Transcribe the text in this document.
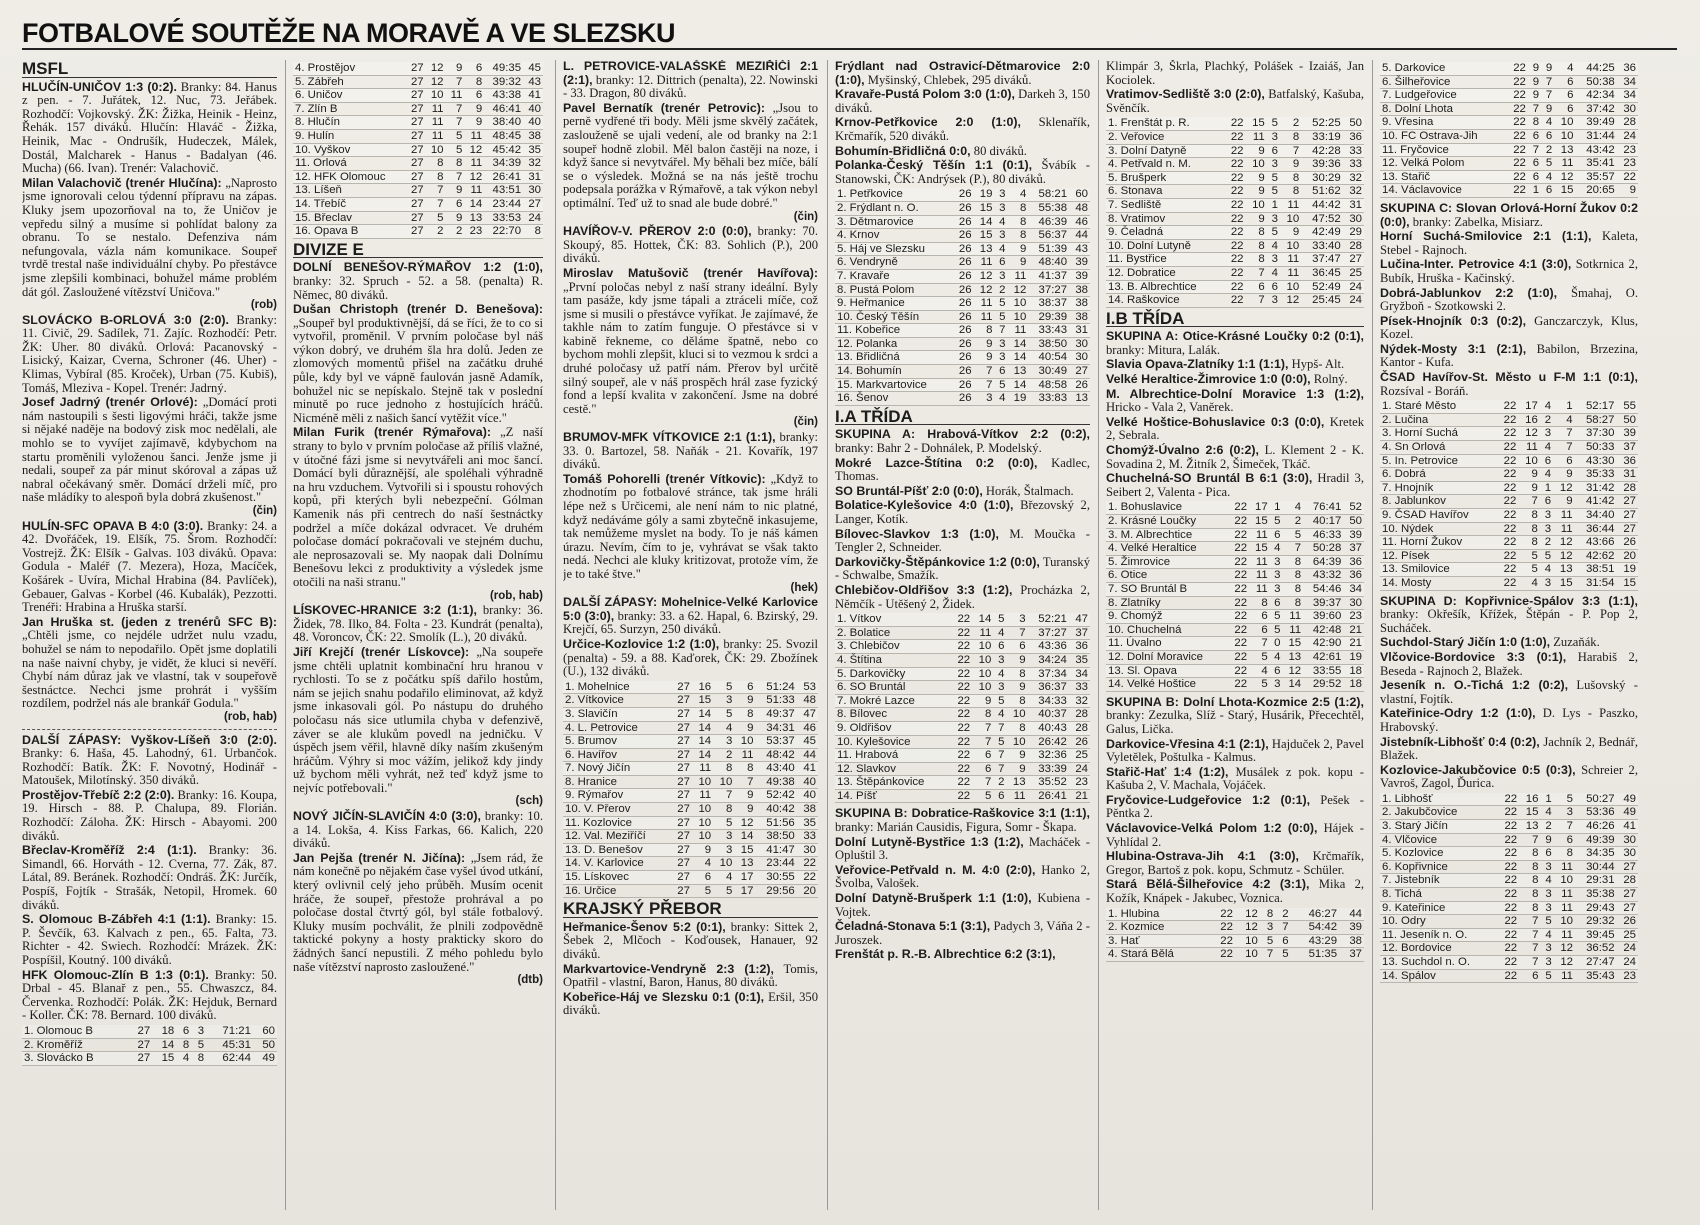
FOTBALOVÉ SOUTĚŽE NA MORAVĚ A VE SLEZSKU
MSFL

HLUČÍN-UNIČOV 1:3 (0:2). Branky: 84. Hanus z pen. - 7. Juřátek, 12. Nuc, 73. Jeřábek. Rozhodčí: Vojkovský. ŽK: Žižka, Heinik - Heinz, Řehák. 157 diváků. Hlučín: Hlaváč - Žižka, Heinik, Mac - Ondrušík, Hudeczek, Málek, Dostál, Malcharek - Hanus - Badalyan (46. Mucha) (66. Ivan). Trenér: Valachovič.

Milan Valachovič (trenér Hlučína): „Naprosto jsme ignorovali celou týdenní přípravu na zápas. Kluky jsem upozorňoval na to, že Uničov je vepředu silný a musíme si pohlídat balony za obranu. To se nestalo. Defenziva nám nefungovala, vázla nám komunikace. Soupeř tvrdě trestal naše individuální chyby. Po přestávce jsme zlepšili kombinaci, bohužel máme problém dát gól. Zasloužené vítězství Uničova."
(rob)

SLOVÁCKO B-ORLOVÁ 3:0 (2:0). Branky: 11. Civič, 29. Sadílek, 71. Zajíc. Rozhodčí: Petr. ŽK: Uher. 80 diváků. Orlová: Pacanovský - Lisický, Kaizar, Cverna, Schroner (46. Uher) - Klimas, Vybíral (85. Kroček), Urban (75. Kubiš), Tomáš, Mleziva - Kopel. Trenér: Jadrný.

Josef Jadrný (trenér Orlové): „Domácí proti nám nastoupili s šesti ligovými hráči, takže jsme si nějaké naděje na bodový zisk moc nedělali, ale mohlo se to vyvíjet zajímavě, kdybychom na startu proměnili vyloženou šanci. Jenže jsme ji nedali, soupeř za pár minut skóroval a zápas už nabral očekávaný směr. Domácí drželi míč, pro naše mládíky to alespoň byla dobrá zkušenost."
(čin)

HULÍN-SFC OPAVA B 4:0 (3:0). Branky: 24. a 42. Dvořáček, 19. Elšík, 75. Šrom. Rozhodčí: Vostrejž. ŽK: Elšík - Galvas. 103 diváků. Opava: Godula - Maléř (7. Mezera), Hoza, Macíček, Košárek - Uvíra, Michal Hrabina (84. Pavlíček), Gebauer, Galvas - Korbel (46. Kubalák), Pezzotti. Trenéři: Hrabina a Hruška starší.

Jan Hruška st. (jeden z trenérů SFC B): „Chtěli jsme, co nejdéle udržet nulu vzadu, bohužel se nám to nepodařilo. Opět jsme doplatili na naše naivní chyby, je vidět, že kluci si nevěří. Chybí nám důraz jak ve vlastní, tak v soupeřově šestnáctce. Nechci jsme prohrát i vyšším rozdílem, podržel nás ale brankář Godula."
(rob, hab)

DALŠÍ ZÁPASY: Vyškov-Líšeň 3:0 (2:0). Branky: 6. Haša, 45. Lahodný, 61. Urbančok. Rozhodčí: Batík. ŽK: F. Novotný, Hodinář - Matoušek, Milotínský. 350 diváků.

Prostějov-Třebíč 2:2 (2:0). Branky: 16. Koupa, 19. Hirsch - 88. P. Chalupa, 89. Florián. Rozhodčí: Záloha. ŽK: Hirsch - Abayomi. 200 diváků.

Břeclav-Kroměříž 2:4 (1:1). Branky: 36. Simandl, 66. Horváth - 12. Cverna, 77. Zák, 87. Látal, 89. Beránek. Rozhodčí: Ondráš. ŽK: Jurčík, Pospíš, Fojtík - Strašák, Netopil, Hromek. 60 diváků.

S. Olomouc B-Zábřeh 4:1 (1:1). Branky: 15. P. Ševčík, 63. Kalvach z pen., 65. Falta, 73. Richter - 42. Swiech. Rozhodčí: Mrázek. ŽK: Pospíšil, Koutný. 100 diváků.

HFK Olomouc-Zlín B 1:3 (0:1). Branky: 50. Drbal - 45. Blanař z pen., 55. Chwaszcz, 84. Červenka. Rozhodčí: Polák. ŽK: Hejduk, Bernard - Koller. ČK: 78. Bernard. 100 diváků.

1. Olomouc B	27	18	6	3	71:21	60
2. Kroměříž	27	14	8	5	45:31	50
3. Slovácko B	27	15	4	8	62:44	49
4. Prostějov	27	12	9	6	49:35	45
5. Zábřeh	27	12	7	8	39:32	43
6. Uničov	27	10	11	6	43:38	41
7. Zlín B	27	11	7	9	46:41	40
8. Hlučín	27	11	7	9	38:40	40
9. Hulín	27	11	5	11	48:45	38
10. Vyškov	27	10	5	12	45:42	35
11. Orlová	27	8	8	11	34:39	32
12. HFK Olomouc	27	8	7	12	26:41	31
13. Líšeň	27	7	9	11	43:51	30
14. Třebíč	27	7	6	14	23:44	27
15. Břeclav	27	5	9	13	33:53	24
16. Opava B	27	2	2	23	22:70	8
DIVIZE E

DOLNÍ BENEŠOV-RÝMAŘOV 1:2 (1:0), branky: 32. Spruch - 52. a 58. (penalta) R. Němec, 80 diváků.

Dušan Christoph (trenér D. Benešova): „Soupeř byl produktivnější, dá se říci, že to co si vytvořil, proměnil. V prvním poločase byl náš výkon dobrý, ve druhém šla hra dolů. Jeden ze zlomových momentů přišel na začátku druhé půle, kdy byl ve vápně faulován jasně Adamík, bohužel nic se nepískalo. Stejně tak v poslední minutě po ruce jednoho z hostujících hráčů. Nicméně měli z našich šancí vytěžit více."

Milan Furik (trenér Rýmařova): „Z naší strany to bylo v prvním poločase až příliš vlažné, v útočné fázi jsme si nevytvářeli ani moc šancí. Domácí byli důraznější, ale spoléhali výhradně na hru vzduchem. Vytvořili si i spoustu rohových kopů, při kterých byli nebezpeční. Gólman Kamenik nás při centrech do naší šestnáctky podržel a míče dokázal odvracet. Ve druhém poločase domácí pokračovali ve stejném duchu, ale neprosazovali se. My naopak dali Dolnímu Benešovu lekci z produktivity a výsledek jsme otočili na naši stranu."
(rob, hab)

LÍSKOVEC-HRANICE 3:2 (1:1), branky: 36. Židek, 78. Ilko, 84. Folta - 23. Kundrát (penalta), 48. Voroncov, ČK: 22. Smolík (L.), 20 diváků.

Jiří Krejčí (trenér Lískovce): „Na soupeře jsme chtěli uplatnit kombinační hru hranou v rychlosti. To se z počátku spíš dařilo hostům, nám se jejich snahu podařilo eliminovat, až když jsme inkasovali gól. Po nástupu do druhého poločasu nás sice utlumila chyba v defenzivě, záver se ale klukům povedl na jedničku. V úspěch jsem věřil, hlavně díky naším zkušeným hráčům. Výhry si moc vážím, jelikož kdy jindy už bychom měli vyhrát, než teď když jsme to nejvíc potřebovali."
(sch)

NOVÝ JIČÍN-SLAVIČÍN 4:0 (3:0), branky: 10. a 14. Lokša, 4. Kiss Farkas, 66. Kalich, 220 diváků.

Jan Pejša (trenér N. Jičína): „Jsem rád, že nám konečně po nějakém čase vyšel úvod utkání, který ovlivnil celý jeho průběh. Musím ocenit hráče, že soupeř, přestože prohrával a po poločase dostal čtvrtý gól, byl stále fotbalový. Kluky musím pochválit, že plnili zodpovědně taktické pokyny a hosty prakticky skoro do žádných šancí nepustili. Z mého pohledu bylo naše vítězství naprosto zasloužené."
(dtb)

L. PETROVICE-VALAŠSKÉ MEZIŘÍČÍ 2:1 (2:1), branky: 12. Dittrich (penalta), 22. Nowinski - 33. Dragon, 80 diváků.

Pavel Bernatík (trenér Petrovic): „Jsou to perně vydřené tři body. Měli jsme skvělý začátek, zaslouženě se ujali vedení, ale od branky na 2:1 soupeř hodně zlobil. Měl balon častěji na noze, i když šance si nevytvářel. My běhali bez míče, bálí se o výsledek. Možná se na nás ještě trochu podepsala porážka v Rýmařově, a tak výkon nebyl optimální. Teď už to snad ale bude dobré."
(čin)

HAVÍŘOV-V. PŘEROV 2:0 (0:0), branky: 70. Skoupý, 85. Hottek, ČK: 83. Sohlich (P.), 200 diváků.

Miroslav Matušovič (trenér Havířova): „První poločas nebyl z naší strany ideální. Byly tam pasáže, kdy jsme tápali a ztráceli míče, což jsme si musili o přestávce vyříkat. Je zajímavé, že takhle nám to zatím funguje. O přestávce si v kabině řekneme, co děláme špatně, nebo co bychom mohli zlepšit, kluci si to vezmou k srdci a druhé poločasy už patří nám. Přerov byl určitě silný soupeř, ale v náš prospěch hrál zase fyzický fond a lepší kvalita v zakončení. Jsme na dobré cestě."
(čin)

BRUMOV-MFK VÍTKOVICE 2:1 (1:1), branky: 33. 0. Bartozel, 58. Naňák - 21. Kovařík, 197 diváků.

Tomáš Pohorelli (trenér Vítkovic): „Když to zhodnotím po fotbalové stránce, tak jsme hráli lépe než s Určicemi, ale není nám to nic platné, když nedáváme góly a sami zbytečně inkasujeme, tak nemůžeme myslet na body. To je náš kámen úrazu. Nevím, čím to je, vyhrávat se však takto nedá. Nechci ale kluky kritizovat, protože vím, že je to také štve."
(hek)

DALŠÍ ZÁPASY: Mohelnice-Velké Karlovice 5:0 (3:0), branky: 33. a 62. Hapal, 6. Bzirský, 29. Krejčí, 65. Surzyn, 250 diváků.

Určice-Kozlovice 1:2 (1:0), branky: 25. Svozil (penalta) - 59. a 88. Kaďorek, ČK: 29. Zbožínek (U.), 132 diváků.

1. Mohelnice	27	16	5	6	51:24	53
2. Vítkovice	27	15	3	9	51:33	48
3. Slavičín	27	14	5	8	49:37	47
4. L. Petrovice	27	14	4	9	34:31	46
5. Brumov	27	14	3	10	53:37	45
6. Havířov	27	14	2	11	48:42	44
7. Nový Jičín	27	11	8	8	43:40	41
8. Hranice	27	10	10	7	49:38	40
9. Rýmařov	27	11	7	9	52:42	40
10. V. Přerov	27	10	8	9	40:42	38
11. Kozlovice	27	10	5	12	51:56	35
12. Val. Meziříčí	27	10	3	14	38:50	33
13. D. Benešov	27	9	3	15	41:47	30
14. V. Karlovice	27	4	10	13	23:44	22
15. Lískovec	27	6	4	17	30:55	22
16. Určice	27	5	5	17	29:56	20
KRAJSKÝ PŘEBOR

Heřmanice-Šenov 5:2 (0:1), branky: Sittek 2, Šebek 2, Mlčoch - Koďousek, Hanauer, 92 diváků.

Markvartovice-Vendryně 2:3 (1:2), Tomis, Opatřil - vlastní, Baron, Hanus, 80 diváků.

Kobeřice-Háj ve Slezsku 0:1 (0:1), Eršil, 350 diváků.

Frýdlant nad Ostravicí-Dětmarovice 2:0 (1:0), Myšinský, Chlebek, 295 diváků.

Kravaře-Pustá Polom 3:0 (1:0), Darkeh 3, 150 diváků.

Krnov-Petřkovice 2:0 (1:0), Sklenařík, Krčmařík, 520 diváků.

Bohumín-Břidličná 0:0, 80 diváků.

Polanka-Český Těšín 1:1 (0:1), Švábík - Stanowski, ČK: Andrýsek (P.), 80 diváků.

1. Petřkovice	26	19	3	4	58:21	60
2. Frýdlant n. O.	26	15	3	8	55:38	48
3. Dětmarovice	26	14	4	8	46:39	46
4. Krnov	26	15	3	8	56:37	44
5. Háj ve Slezsku	26	13	4	9	51:39	43
6. Vendryně	26	11	6	9	48:40	39
7. Kravaře	26	12	3	11	41:37	39
8. Pustá Polom	26	12	2	12	37:27	38
9. Heřmanice	26	11	5	10	38:37	38
10. Český Těšín	26	11	5	10	29:39	38
11. Kobeřice	26	8	7	11	33:43	31
12. Polanka	26	9	3	14	38:50	30
13. Břidličná	26	9	3	14	40:54	30
14. Bohumín	26	7	6	13	30:49	27
15. Markvartovice	26	7	5	14	48:58	26
16. Šenov	26	3	4	19	33:83	13
I.A TŘÍDA

SKUPINA A: Hrabová-Vítkov 2:2 (0:2), branky: Bahr 2 - Dohnálek, P. Modelský.

Mokré Lazce-Štítina 0:2 (0:0), Kadlec, Thomas.

SO Bruntál-Píšť 2:0 (0:0), Horák, Štalmach.

Bolatice-Kylešovice 4:0 (1:0), Březovský 2, Langer, Kotík.

Bílovec-Slavkov 1:3 (1:0), M. Moučka - Tengler 2, Schneider.

Darkovičky-Štěpánkovice 1:2 (0:0), Turanský - Schwalbe, Smažík.

Chlebičov-Oldřišov 3:3 (1:2), Procházka 2, Němčík - Utěšený 2, Židek.

1. Vítkov	22	14	5	3	52:21	47
2. Bolatice	22	11	4	7	37:27	37
3. Chlebičov	22	10	6	6	43:36	36
4. Štítina	22	10	3	9	34:24	35
5. Darkovičky	22	10	4	8	37:34	34
6. SO Bruntál	22	10	3	9	36:37	33
7. Mokré Lazce	22	9	5	8	34:33	32
8. Bílovec	22	8	4	10	40:37	28
9. Oldřišov	22	7	7	8	40:43	28
10. Kylešovice	22	7	5	10	26:42	26
11. Hrabová	22	6	7	9	32:36	25
12. Slavkov	22	6	7	9	33:39	24
13. Štěpánkovice	22	7	2	13	35:52	23
14. Píšť	22	5	6	11	26:41	21

SKUPINA B: Dobratice-Raškovice 3:1 (1:1), branky: Marián Causidis, Figura, Somr - Škapa.

Dolní Lutyně-Bystřice 1:3 (1:2), Macháček - Opluštil 3.

Veřovice-Petřvald n. M. 4:0 (2:0), Hanko 2, Švolba, Valošek.

Dolní Datyně-Brušperk 1:1 (1:0), Kubiena - Vojtek.

Čeladná-Stonava 5:1 (3:1), Padych 3, Váňa 2 - Juroszek.

Frenštát p. R.-B. Albrechtice 6:2 (3:1),

Klimpár 3, Škrla, Plachký, Polášek - Izaiáš, Jan Kociolek.

Vratimov-Sedliště 3:0 (2:0), Batfalský, Kašuba, Svěnčík.

1. Frenštát p. R.	22	15	5	2	52:25	50
2. Veřovice	22	11	3	8	33:19	36
3. Dolní Datyně	22	9	6	7	42:28	33
4. Petřvald n. M.	22	10	3	9	39:36	33
5. Brušperk	22	9	5	8	30:29	32
6. Stonava	22	9	5	8	51:62	32
7. Sedliště	22	10	1	11	44:42	31
8. Vratimov	22	9	3	10	47:52	30
9. Čeladná	22	8	5	9	42:49	29
10. Dolní Lutyně	22	8	4	10	33:40	28
11. Bystřice	22	8	3	11	37:47	27
12. Dobratice	22	7	4	11	36:45	25
13. B. Albrechtice	22	6	6	10	52:49	24
14. Raškovice	22	7	3	12	25:45	24
I.B TŘÍDA

SKUPINA A: Otice-Krásné Loučky 0:2 (0:1), branky: Mitura, Lalák.

Slavia Opava-Zlatníky 1:1 (1:1), Hypš- Alt.

Velké Heraltice-Žimrovice 1:0 (0:0), Rolný.

M. Albrechtice-Dolní Moravice 1:3 (1:2), Hricko - Vala 2, Vaněrek.

Velké Hoštice-Bohuslavice 0:3 (0:0), Kretek 2, Sebrala.

Chomýž-Úvalno 2:6 (0:2), L. Klement 2 - K. Sovadina 2, M. Žitník 2, Šimeček, Tkáč.

Chuchelná-SO Bruntál B 6:1 (3:0), Hradil 3, Seibert 2, Valenta - Pica.

1. Bohuslavice	22	17	1	4	76:41	52
2. Krásné Loučky	22	15	5	2	40:17	50
3. M. Albrechtice	22	11	6	5	46:33	39
4. Velké Heraltice	22	15	4	7	50:28	37
5. Žimrovice	22	11	3	8	64:39	36
6. Otice	22	11	3	8	43:32	36
7. SO Bruntál B	22	11	3	8	54:46	34
8. Zlatníky	22	8	6	8	39:37	30
9. Chomýž	22	6	5	11	39:60	23
10. Chuchelná	22	6	5	11	42:48	21
11. Úvalno	22	7	0	15	42:90	21
12. Dolní Moravice	22	5	4	13	42:61	19
13. Sl. Opava	22	4	6	12	33:55	18
14. Velké Hoštice	22	5	3	14	29:52	18

SKUPINA B: Dolní Lhota-Kozmice 2:5 (1:2), branky: Zezulka, Slíž - Starý, Husárik, Přecechtěl, Galus, Lička.

Darkovice-Vřesina 4:1 (2:1), Hajduček 2, Pavel Vyletělek, Poštulka - Kalmus.

Stařič-Hať 1:4 (1:2), Musálek z pok. kopu - Kašuba 2, V. Machala, Vojáček.

Fryčovice-Ludgeřovice 1:2 (0:1), Pešek - Pěntka 2.

Václavovice-Velká Polom 1:2 (0:0), Hájek - Vyhlídal 2.

Hlubina-Ostrava-Jih 4:1 (3:0), Krčmařík, Gregor, Bartoš z pok. kopu, Schmutz - Schüler.

Stará Bělá-Šilheřovice 4:2 (3:1), Mika 2, Kožík, Knápek - Jakubec, Voznica.

1. Hlubina	22	12	8	2	46:27	44
2. Kozmice	22	12	3	7	54:42	39
3. Hať	22	10	5	6	43:29	38
4. Stará Bělá	22	10	7	5	51:35	37
5. Darkovice	22	9	9	4	44:25	36
6. Šilheřovice	22	9	7	6	50:38	34
7. Ludgeřovice	22	9	7	6	42:34	34
8. Dolní Lhota	22	7	9	6	37:42	30
9. Vřesina	22	8	4	10	39:49	28
10. FC Ostrava-Jih	22	6	6	10	31:44	24
11. Fryčovice	22	7	2	13	43:42	23
12. Velká Polom	22	6	5	11	35:41	23
13. Stařič	22	6	4	12	35:57	22
14. Václavovice	22	1	6	15	20:65	9

SKUPINA C: Slovan Orlová-Horní Žukov 0:2 (0:0), branky: Zabelka, Misiarz.

Horní Suchá-Smilovice 2:1 (1:1), Kaleta, Stebel - Rajnoch.

Lučina-Inter. Petrovice 4:1 (3:0), Sotkrnica 2, Bubík, Hruška - Kačinský.

Dobrá-Jablunkov 2:2 (1:0), Šmahaj, O. Gryžboň - Szotkowski 2.

Písek-Hnojník 0:3 (0:2), Ganczarczyk, Klus, Kozel.

Nýdek-Mosty 3:1 (2:1), Babilon, Brzezina, Kantor - Kufa.

ČSAD Havířov-St. Město u F-M 1:1 (0:1), Rozsíval - Boráň.

1. Staré Město	22	17	4	1	52:17	55
2. Lučina	22	16	2	4	58:27	50
3. Horní Suchá	22	12	3	7	37:30	39
4. Sn Orlová	22	11	4	7	50:33	37
5. In. Petrovice	22	10	6	6	43:30	36
6. Dobrá	22	9	4	9	35:33	31
7. Hnojník	22	9	1	12	31:42	28
8. Jablunkov	22	7	6	9	41:42	27
9. ČSAD Havířov	22	8	3	11	34:40	27
10. Nýdek	22	8	3	11	36:44	27
11. Horní Žukov	22	8	2	12	43:66	26
12. Písek	22	5	5	12	42:62	20
13. Smilovice	22	5	4	13	38:51	19
14. Mosty	22	4	3	15	31:54	15

SKUPINA D: Kopřivnice-Spálov 3:3 (1:1), branky: Okřešík, Křížek, Štěpán - P. Pop 2, Sucháček.

Suchdol-Starý Jičín 1:0 (1:0), Zuzaňák.

Vlčovice-Bordovice 3:3 (0:1), Harabiš 2, Beseda - Rajnoch 2, Blažek.

Jeseník n. O.-Tichá 1:2 (0:2), Lušovský - vlastní, Fojtík.

Kateřinice-Odry 1:2 (1:0), D. Lys - Paszko, Hrabovský.

Jistebník-Libhošť 0:4 (0:2), Jachník 2, Bednář, Blažek.

Kozlovice-Jakubčovice 0:5 (0:3), Schreier 2, Vavroš, Zagol, Ďurica.

1. Libhošť	22	16	1	5	50:27	49
2. Jakubčovice	22	15	4	3	53:36	49
3. Starý Jičín	22	13	2	7	46:26	41
4. Vlčovice	22	7	9	6	49:39	30
5. Kozlovice	22	8	6	8	34:35	30
6. Kopřivnice	22	8	3	11	30:44	27
7. Jistebník	22	8	4	10	29:31	28
8. Tichá	22	8	3	11	35:38	27
9. Kateřinice	22	8	3	11	29:43	27
10. Odry	22	7	5	10	29:32	26
11. Jeseník n. O.	22	7	4	11	39:45	25
12. Bordovice	22	7	3	12	36:52	24
13. Suchdol n. O.	22	7	3	12	27:47	24
14. Spálov	22	6	5	11	35:43	23
